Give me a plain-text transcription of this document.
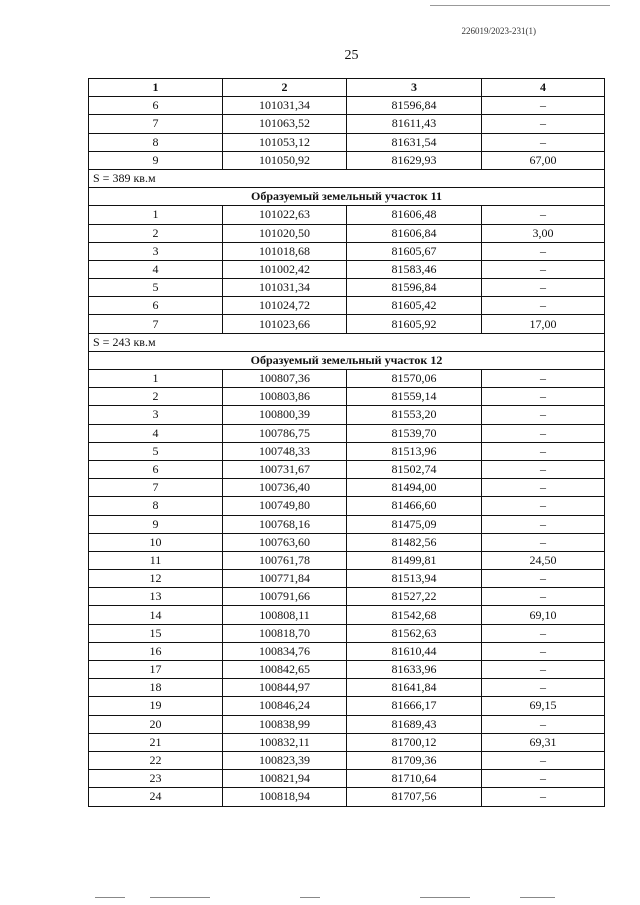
226019/2023-231(1)
25
1	2	3	4
6	101031,34	81596,84	–
7	101063,52	81611,43	–
8	101053,12	81631,54	–
9	101050,92	81629,93	67,00
S = 389 кв.м			
Образуемый земельный участок 11			
1	101022,63	81606,48	–
2	101020,50	81606,84	3,00
3	101018,68	81605,67	–
4	101002,42	81583,46	–
5	101031,34	81596,84	–
6	101024,72	81605,42	–
7	101023,66	81605,92	17,00
S = 243 кв.м			
Образуемый земельный участок 12			
1	100807,36	81570,06	–
2	100803,86	81559,14	–
3	100800,39	81553,20	–
4	100786,75	81539,70	–
5	100748,33	81513,96	–
6	100731,67	81502,74	–
7	100736,40	81494,00	–
8	100749,80	81466,60	–
9	100768,16	81475,09	–
10	100763,60	81482,56	–
11	100761,78	81499,81	24,50
12	100771,84	81513,94	–
13	100791,66	81527,22	–
14	100808,11	81542,68	69,10
15	100818,70	81562,63	–
16	100834,76	81610,44	–
17	100842,65	81633,96	–
18	100844,97	81641,84	–
19	100846,24	81666,17	69,15
20	100838,99	81689,43	–
21	100832,11	81700,12	69,31
22	100823,39	81709,36	–
23	100821,94	81710,64	–
24	100818,94	81707,56	–
